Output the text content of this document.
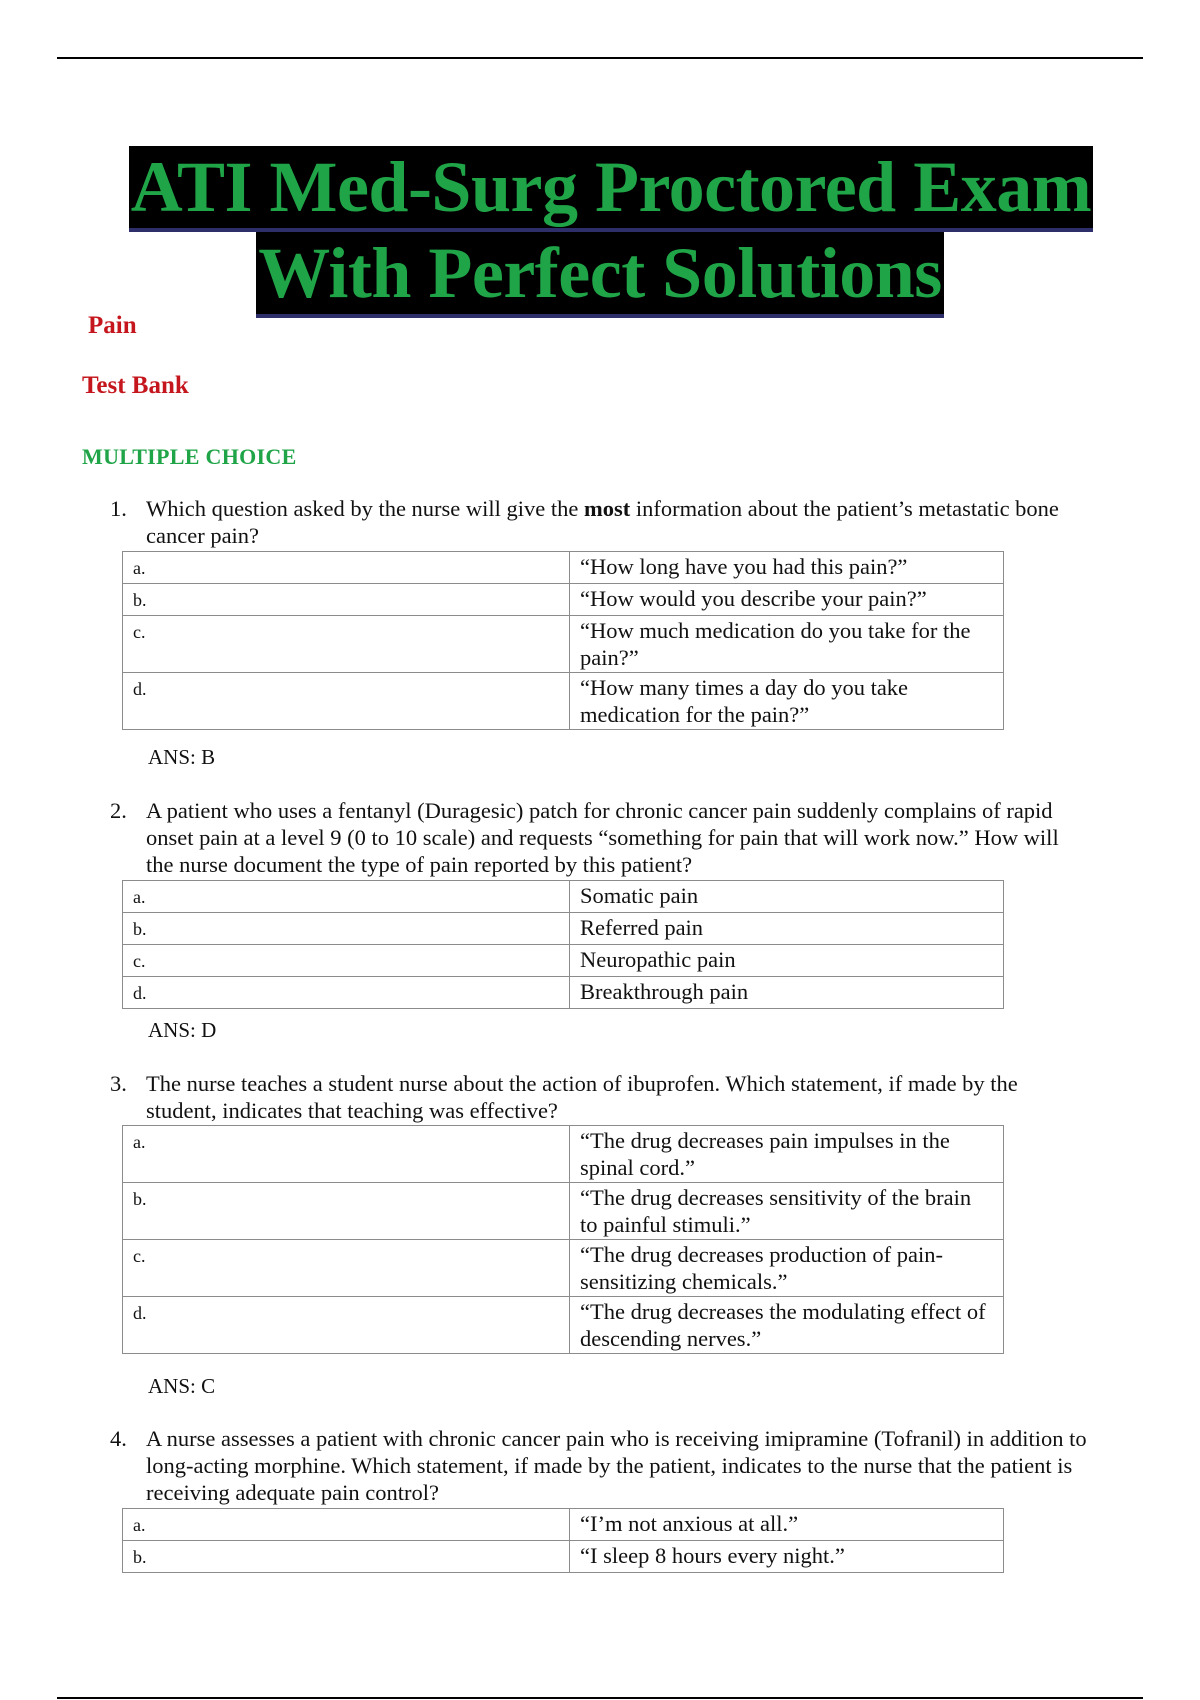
ATI Med-Surg Proctored Exam
With Perfect Solutions
Pain
Test Bank
MULTIPLE CHOICE
1. Which question asked by the nurse will give the most information about the patient’s metastatic bone cancer pain?
a.	“How long have you had this pain?”
b.	“How would you describe your pain?”
c.	“How much medication do you take for the pain?”
d.	“How many times a day do you take medication for the pain?”
ANS: B
2. A patient who uses a fentanyl (Duragesic) patch for chronic cancer pain suddenly complains of rapid onset pain at a level 9 (0 to 10 scale) and requests “something for pain that will work now.” How will the nurse document the type of pain reported by this patient?
a.	Somatic pain
b.	Referred pain
c.	Neuropathic pain
d.	Breakthrough pain
ANS: D
3. The nurse teaches a student nurse about the action of ibuprofen. Which statement, if made by the student, indicates that teaching was effective?
a.	“The drug decreases pain impulses in the spinal cord.”
b.	“The drug decreases sensitivity of the brain to painful stimuli.”
c.	“The drug decreases production of pain-sensitizing chemicals.”
d.	“The drug decreases the modulating effect of descending nerves.”
ANS: C
4. A nurse assesses a patient with chronic cancer pain who is receiving imipramine (Tofranil) in addition to long-acting morphine. Which statement, if made by the patient, indicates to the nurse that the patient is receiving adequate pain control?
a.	“I’m not anxious at all.”
b.	“I sleep 8 hours every night.”
